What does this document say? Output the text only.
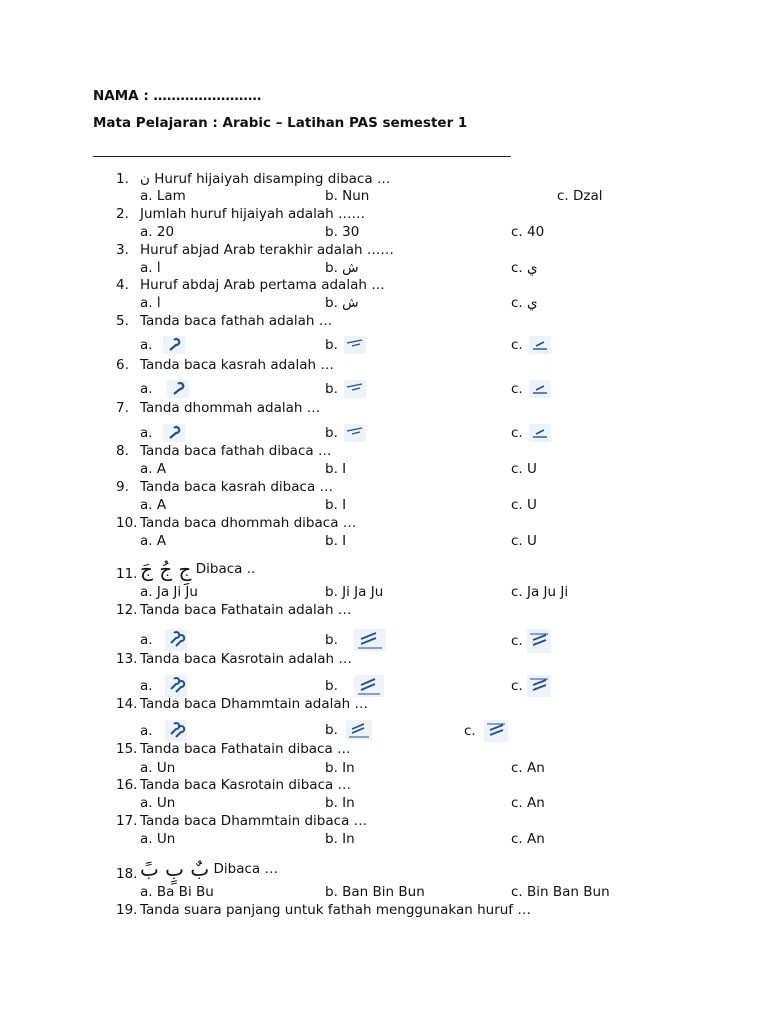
NAMA : ……………………
Mata Pelajaran : Arabic – Latihan PAS semester 1
1. ن Huruf hijaiyah disamping dibaca …
a. Lam	b. Nun	c. Dzal
2. Jumlah huruf hijaiyah adalah ……
a. 20	b. 30	c. 40
3. Huruf abjad Arab terakhir adalah ……
a. ا	b. ش	c. ي
4. Huruf abdaj Arab pertama adalah …
a. ا	b. ش	c. ي
5. Tanda baca fathah adalah …
a.	b.	c.
6. Tanda baca kasrah adalah …
a.	b.	c.
7. Tanda dhommah adalah …
a.	b.	c.
8. Tanda baca fathah dibaca …
a. A	b. I	c. U
9. Tanda baca kasrah dibaca …
a. A	b. I	c. U
10. Tanda baca dhommah dibaca …
a. A	b. I	c. U
11. جِ جُ جَ Dibaca ..
a. Ja Ji Ju	b. Ji Ja Ju	c. Ja Ju Ji
12. Tanda baca Fathatain adalah …
a.	b.	c.
13. Tanda baca Kasrotain adalah …
a.	b.	c.
14. Tanda baca Dhammtain adalah …
a.	b.	c.
15. Tanda baca Fathatain dibaca …
a. Un	b. In	c. An
16. Tanda baca Kasrotain dibaca …
a. Un	b. In	c. An
17. Tanda baca Dhammtain dibaca …
a. Un	b. In	c. An
18. بٌ بٍ بً Dibaca …
a. Ba Bi Bu	b. Ban Bin Bun	c. Bin Ban Bun
19. Tanda suara panjang untuk fathah menggunakan huruf …
